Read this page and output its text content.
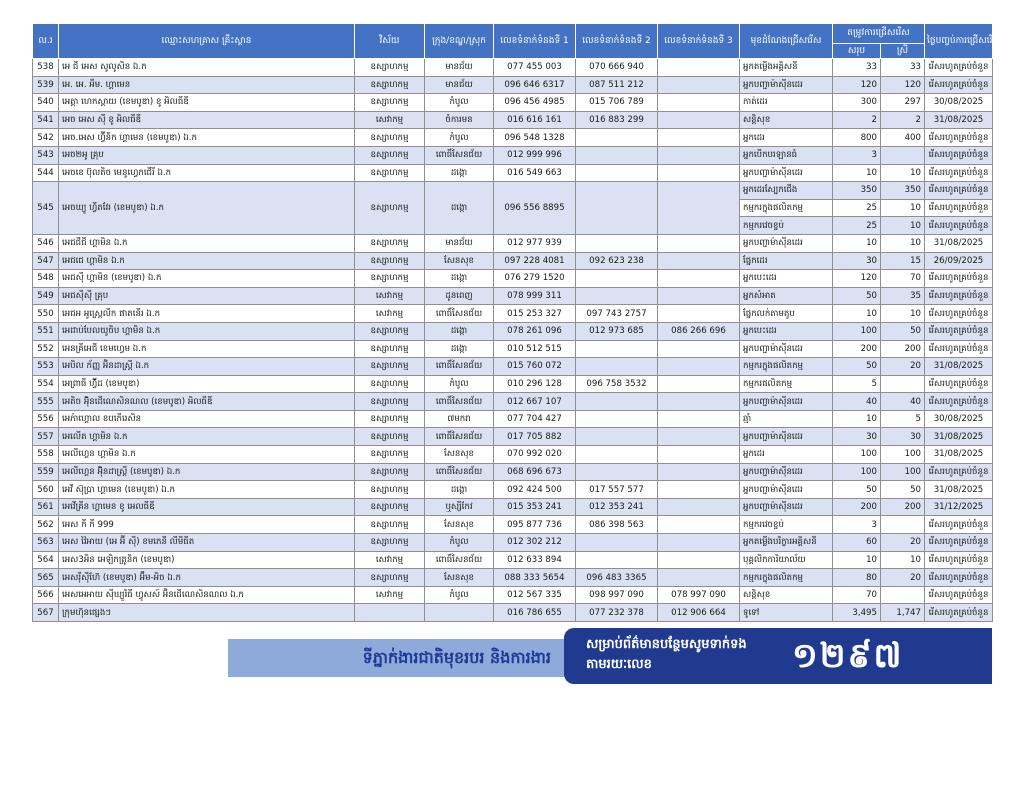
ល.រ	ឈ្មោះសហគ្រាស គ្រឹះស្ថាន	វិស័យ	ក្រុង/ខណ្ឌ/ស្រុក	លេខទំនាក់ទំនងទី 1	លេខទំនាក់ទំនងទី 2	លេខទំនាក់ទំនងទី 3	មុខដំណែងជ្រើសរើស	តម្រូវការជ្រើសរើស		ថ្ងៃបញ្ចប់ការជ្រើសរើស
								សរុប	ស្រី	
538	អេ ជី អេស សូលូសិន ឯ.ក	ឧស្សាហកម្ម	មានជ័យ	077 455 003	070 666 940		អ្នកតម្លើងអគ្គិសនី	33	33	រើសរហូតគ្រប់ចំនួន
539	អេ. អេ. អឹម. ហ្គាមេន	ឧស្សាហកម្ម	មានជ័យ	096 646 6317	087 511 212		អ្នកបញ្ជាម៉ាស៊ីនដេរ	120	120	រើសរហូតគ្រប់ចំនួន
540	អេត្តា ហេកស្តាយ (ខេមបូឌា) ខូ អិលធីឌី	ឧស្សាហកម្ម	កំបូល	096 456 4985	015 706 789		កាត់ដេរ	300	297	30/08/2025
541	អេច អេស ស៊ី ខូ អិលធីឌី	សេវាកម្ម	ចំការមន	016 616 161	016 883 299		សន្តិសុខ	2	2	31/08/2025
542	អេច.អេស ហ្វ៊ីនិក ហ្គាមេន (ខេមបូឌា) ឯ.ក	ឧស្សាហកម្ម	កំបូល	096 548 1328			អ្នកដេរ	800	400	រើសរហូតគ្រប់ចំនួន
543	អេច២អូ គ្រុប	ឧស្សាហកម្ម	ពោធិ៍សែនជ័យ	012 999 996			អ្នកបើកបរឡានធំ	3		រើសរហូតគ្រប់ចំនួន
544	អេចខេ ប៊ុលតិច មេនូហ្វេកជើរី ឯ.ក	ឧស្សាហកម្ម	ដង្កោ	016 549 663			អ្នកបញ្ជាម៉ាស៊ីនដេរ	10	10	រើសរហូតគ្រប់ចំនួន
545	អេចឃ្យូ ហ្វីតវែរ (ខេមបូឌា) ឯ.ក	ឧស្សាហកម្ម	ដង្កោ	096 556 8895			អ្នកដេរស្បែកជើង	350	350	រើសរហូតគ្រប់ចំនួន
							កម្មករក្នុងផលិតកម្ម	25	10	រើសរហូតគ្រប់ចំនួន
							កម្មករវេចខ្ចប់	25	10	រើសរហូតគ្រប់ចំនួន
546	អេជជីជី ហ្គាមិន ឯ.ក	ឧស្សាហកម្ម	មានជ័យ	012 977 939			អ្នកបញ្ជាម៉ាស៊ីនដេរ	10	10	31/08/2025
547	អេជជេ ហ្គាមិន ឯ.ក	ឧស្សាហកម្ម	សែនសុខ	097 228 4081	092 623 238		ផ្នែកដេរ	30	15	26/09/2025
548	អេជស៊ី ហ្គាមិន (ខេមបូឌា) ឯ.ក	ឧស្សាហកម្ម	ដង្កោ	076 279 1520			អ្នកបេះដេរ	120	70	រើសរហូតគ្រប់ចំនួន
549	អេជស៊ីស៊ី គ្រុប	សេវាកម្ម	ដូនពេញ	078 999 311			អ្នកសំអាត	50	35	រើសរហូតគ្រប់ចំនួន
550	អេជអ អូស្ត្រេលីក ផាតនើរ ឯ.ក	សេវាកម្ម	ពោធិ៍សែនជ័យ	015 253 327	097 743 2757		ផ្នែកលក់តាមតូប	10	10	រើសរហូតគ្រប់ចំនួន
551	អេដាប់បែលយូចិប ហ្គាមិន ឯ.ក	ឧស្សាហកម្ម	ដង្កោ	078 261 096	012 973 685	086 266 696	អ្នកបេះដេរ	100	50	រើសរហូតគ្រប់ចំនួន
552	អេនគ្រីអេជី ខេមហ្វេម ឯ.ក	ឧស្សាហកម្ម	ដង្កោ	010 512 515			អ្នកបញ្ជាម៉ាស៊ីនដេរ	200	200	រើសរហូតគ្រប់ចំនួន
553	អេបិល ក័ញ្ញ អ៊ិនដាស្ត្រី ឯ.ក	ឧស្សាហកម្ម	ពោធិ៍សែនជ័យ	015 760 072			កម្មករក្នុងផលិតកម្ម	50	20	31/08/2025
554	អេព្រាធី ហ៊្វីដ (ខេមបូឌា)	ឧស្សាហកម្ម	កំបូល	010 296 128	096 758 3532		កម្មករផលិតកម្ម	5		រើសរហូតគ្រប់ចំនួន
555	អេតិច អ៊ុិនដើណេសិនណល (ខេមបូឌា) អិលធីឌី	ឧស្សាហកម្ម	ពោធិ៍សែនជ័យ	012 667 107			អ្នកបញ្ជាម៉ាស៊ីនដេរ	40	40	រើសរហូតគ្រប់ចំនួន
556	អេភ៉ាហ្គោល ខបកើរេសិន	ឧស្សាហកម្ម	៧មករា	077 704 427			ឆ្មាំ	10	5	30/08/2025
557	អេលើត ហ្គាមិន ឯ.ក	ឧស្សាហកម្ម	ពោធិ៍សែនជ័យ	017 705 882			អ្នកបញ្ជាម៉ាស៊ីនដេរ	30	30	31/08/2025
558	អេលីហ្គេន ហ្គាមិន ឯ.ក	ឧស្សាហកម្ម	សែនសុខ	070 992 020			អ្នកដេរ	100	100	31/08/2025
559	អេលីហ្គេន អ៊ុិនដាស្ត្រី (ខេមបូឌា) ឯ.ក	ឧស្សាហកម្ម	ពោធិ៍សែនជ័យ	068 696 673			អ្នកបញ្ជាម៉ាស៊ីនដេរ	100	100	រើសរហូតគ្រប់ចំនួន
560	អេវី ស៊ុប្រា ហ្គាមេន (ខេមបូឌា) ឯ.ក	ឧស្សាហកម្ម	ដង្កោ	092 424 500	017 557 577		អ្នកបញ្ជាម៉ាស៊ីនដេរ	50	50	31/08/2025
561	អេវើគ្រីន ហ្គាមេន ខូ អេលធីឌី	ឧស្សាហកម្ម	ឬស្សីកែវ	015 353 241	012 353 241		អ្នកបញ្ជាម៉ាស៊ីនដេរ	200	200	31/12/2025
562	អេស កី កី 999	ឧស្សាហកម្ម	សែនសុខ	095 877 736	086 398 563		កម្មករវេចខ្ចប់	3		រើសរហូតគ្រប់ចំនួន
563	អេស វ៉ៃអាយ (អេ អ៊ី ស៊ី) ខមភេនី លីមីធីត	ឧស្សាហកម្ម	កំបូល	012 302 212			អ្នកតម្លើងបរិក្ខារអគ្គិសនី	60	20	រើសរហូតគ្រប់ចំនួន
564	អេស3អិន អេឡិកត្រូនិក (ខេមបូឌា)	សេវាកម្ម	ពោធិ៍សែនជ័យ	012 633 894			បុគ្គលិកការិយាល័យ	10	10	រើសរហូតគ្រប់ចំនួន
565	អេសរ៉ីស៊ីហ៊ែ (ខេមបូឌា) អ៊ឹម-អិច ឯ.ក	ឧស្សាហកម្ម	សែនសុខ	088 333 5654	096 483 3365		កម្មករក្នុងផលិតកម្ម	80	20	រើសរហូតគ្រប់ចំនួន
566	អេសអេអាយ ស៊ីឃ្យួរិធី ហ្វូសស៍ អ៊ិនដើណេសិនណល ឯ.ក	សេវាកម្ម	កំបូល	012 567 335	098 997 090	078 997 090	សន្តិសុខ	70		រើសរហូតគ្រប់ចំនួន
567	ក្រុមហ៊ុនផ្សេងៗ			016 786 655	077 232 378	012 906 664	ទូទៅ	3,495	1,747	រើសរហូតគ្រប់ចំនួន
ទីភ្នាក់ងារជាតិមុខរបរ និងការងារ
សម្រាប់ព័ត៌មានបន្ថែមសូមទាក់ទងតាមរយៈលេខ	១២៩៧
